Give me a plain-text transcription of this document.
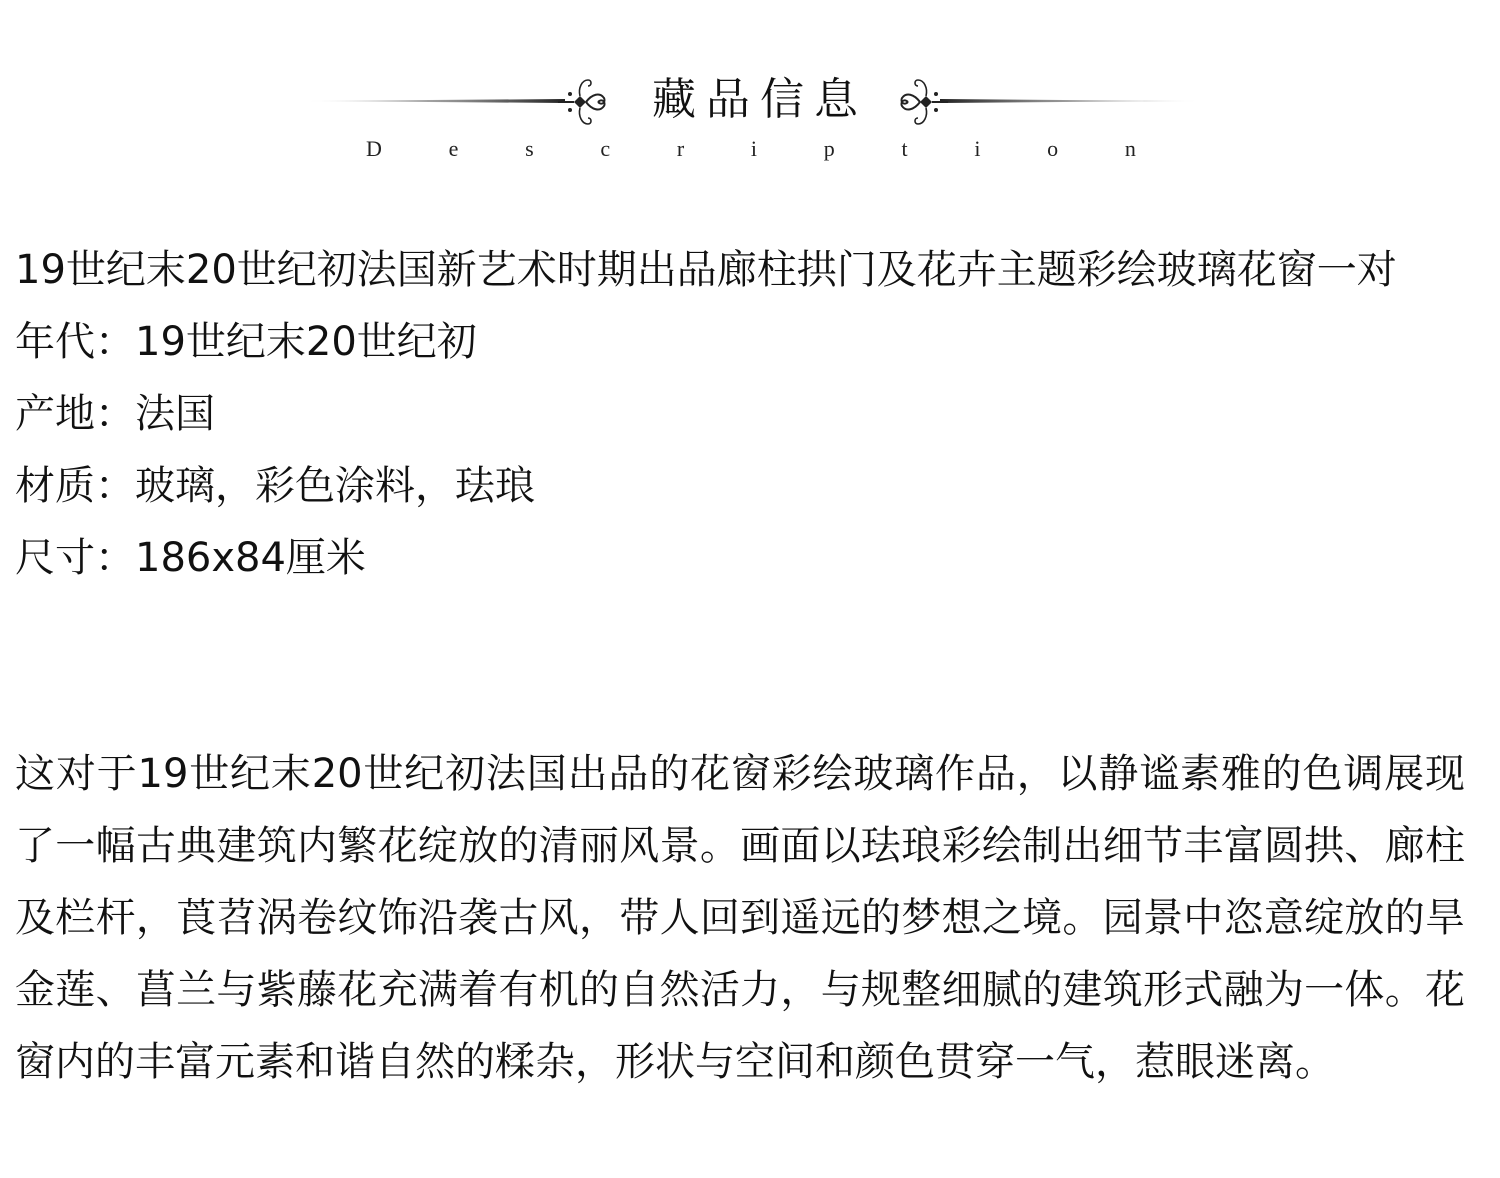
藏品信息
D	e	s	c	r	i	p	t	i	o	n

19世纪末20世纪初法国新艺术时期出品廊柱拱门及花卉主题彩绘玻璃花窗一对

年代：19世纪末20世纪初

产地：法国

材质：玻璃，彩色涂料，珐琅

尺寸：186x84厘米

这对于19世纪末20世纪初法国出品的花窗彩绘玻璃作品，以静谧素雅的色调展现了一幅古典建筑内繁花绽放的清丽风景。画面以珐琅彩绘制出细节丰富圆拱、廊柱及栏杆，莨苕涡卷纹饰沿袭古风，带人回到遥远的梦想之境。园景中恣意绽放的旱金莲、菖兰与紫藤花充满着有机的自然活力，与规整细腻的建筑形式融为一体。花窗内的丰富元素和谐自然的糅杂，形状与空间和颜色贯穿一气，惹眼迷离。
